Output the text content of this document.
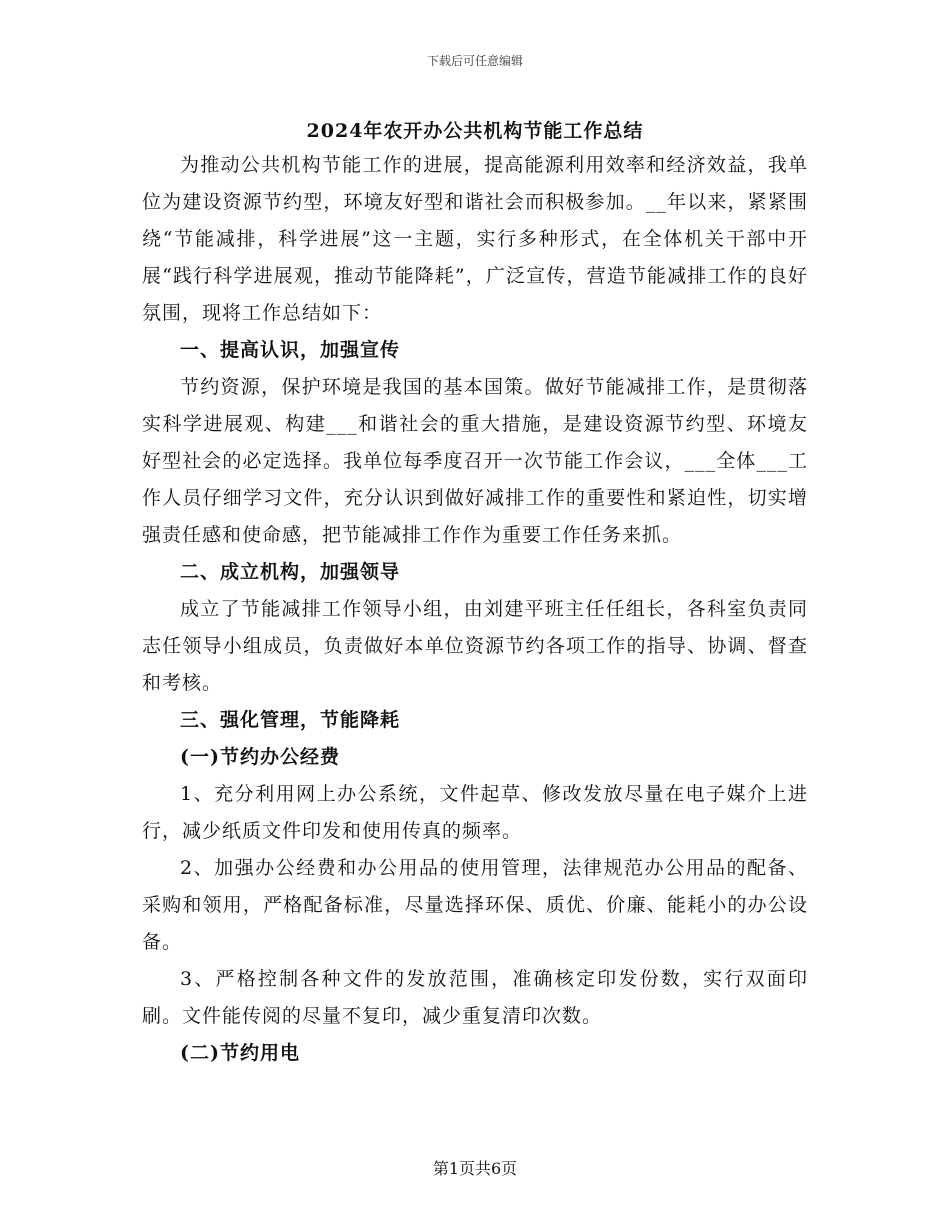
下载后可任意编辑
2024年农开办公共机构节能工作总结

为推动公共机构节能工作的进展，提高能源利用效率和经济效益，我单位为建设资源节约型，环境友好型和谐社会而积极参加。__年以来，紧紧围绕“节能减排，科学进展”这一主题，实行多种形式，在全体机关干部中开展“践行科学进展观，推动节能降耗”，广泛宣传，营造节能减排工作的良好氛围，现将工作总结如下：

一、提高认识，加强宣传

节约资源，保护环境是我国的基本国策。做好节能减排工作，是贯彻落实科学进展观、构建___和谐社会的重大措施，是建设资源节约型、环境友好型社会的必定选择。我单位每季度召开一次节能工作会议，___全体___工作人员仔细学习文件，充分认识到做好减排工作的重要性和紧迫性，切实增强责任感和使命感，把节能减排工作作为重要工作任务来抓。

二、成立机构，加强领导

成立了节能减排工作领导小组，由刘建平班主任任组长，各科室负责同志任领导小组成员，负责做好本单位资源节约各项工作的指导、协调、督查和考核。

三、强化管理，节能降耗

(一)节约办公经费

1、充分利用网上办公系统，文件起草、修改发放尽量在电子媒介上进行，减少纸质文件印发和使用传真的频率。

2、加强办公经费和办公用品的使用管理，法律规范办公用品的配备、采购和领用，严格配备标准，尽量选择环保、质优、价廉、能耗小的办公设备。

3、严格控制各种文件的发放范围，准确核定印发份数，实行双面印刷。文件能传阅的尽量不复印，减少重复清印次数。

(二)节约用电

第1页共6页
